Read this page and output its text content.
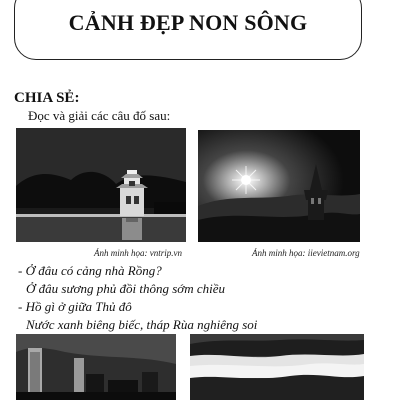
CẢNH ĐẸP NON SÔNG
CHIA SẺ:
Đọc và giải các câu đố sau:
Ảnh minh họa: vntrip.vn	Ảnh minh họa: iievietnam.org
- Ở đâu có cảng nhà Rồng?
Ở đâu sương phủ đồi thông sớm chiều
- Hồ gì ở giữa Thủ đô
Nước xanh biêng biếc, tháp Rùa nghiêng soi
